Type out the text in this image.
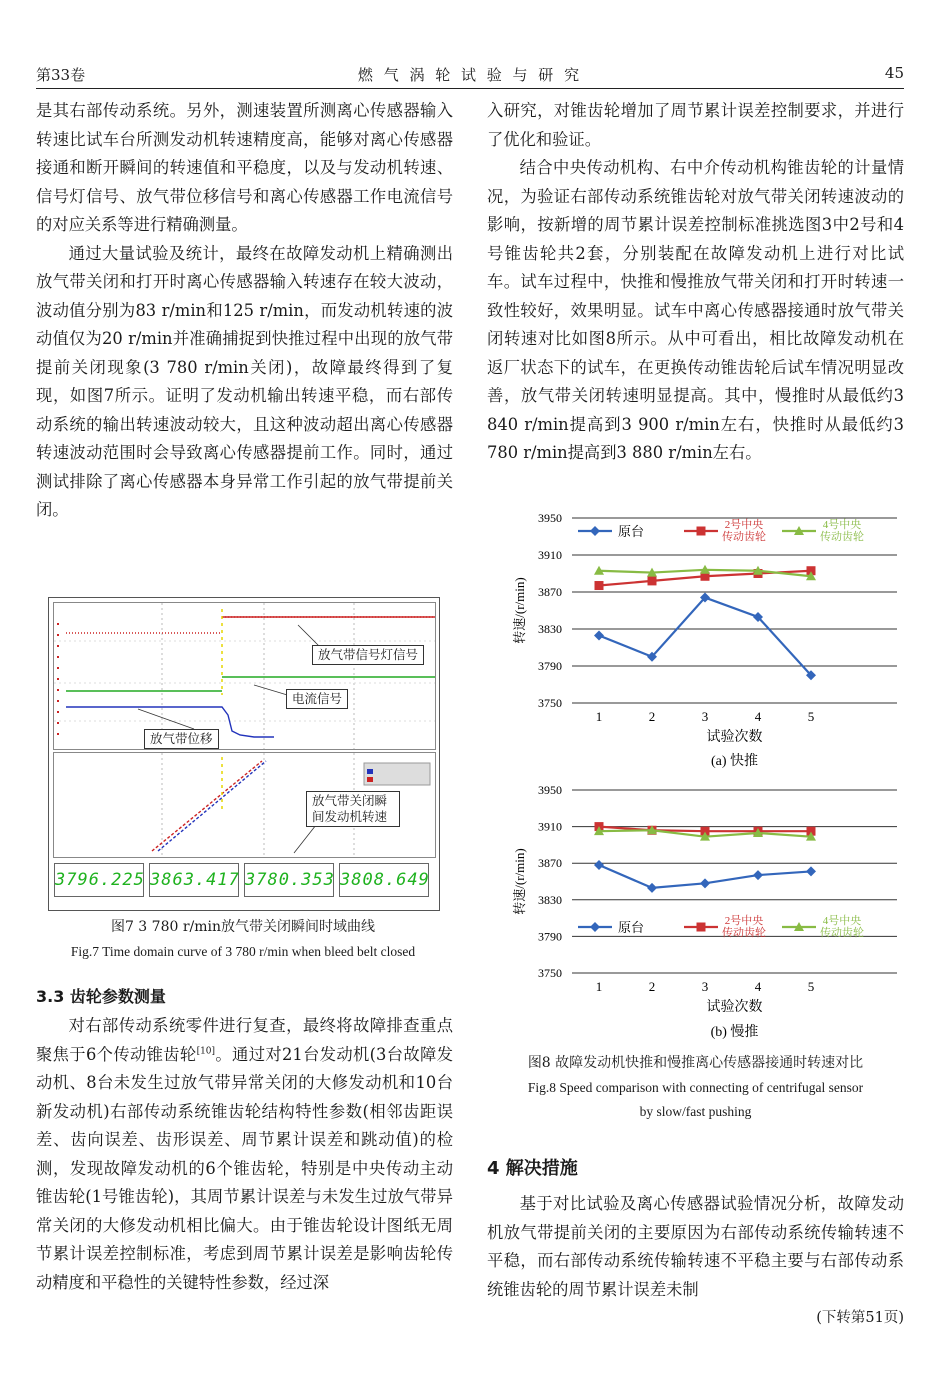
第33卷	燃 气 涡 轮 试 验 与 研 究	45

是其右部传动系统。另外，测速装置所测离心传感器输入转速比试车台所测发动机转速精度高，能够对离心传感器接通和断开瞬间的转速值和平稳度，以及与发动机转速、信号灯信号、放气带位移信号和离心传感器工作电流信号的对应关系等进行精确测量。

通过大量试验及统计，最终在故障发动机上精确测出放气带关闭和打开时离心传感器输入转速存在较大波动，波动值分别为83 r/min和125 r/min，而发动机转速的波动值仅为20 r/min并准确捕捉到快推过程中出现的放气带提前关闭现象(3 780 r/min关闭)，故障最终得到了复现，如图7所示。证明了发动机输出转速平稳，而右部传动系统的输出转速波动较大，且这种波动超出离心传感器转速波动范围时会导致离心传感器提前工作。同时，通过测试排除了离心传感器本身异常工作引起的放气带提前关闭。

放气带信号灯信号
电流信号
放气带位移
放气带关闭瞬间发动机转速
3796.225 3863.417 3780.353 3808.649
图7 3 780 r/min放气带关闭瞬间时域曲线
Fig.7 Time domain curve of 3 780 r/min when bleed belt closed
3.3 齿轮参数测量

对右部传动系统零件进行复查，最终将故障排查重点聚焦于6个传动锥齿轮[10]。通过对21台发动机(3台故障发动机、8台未发生过放气带异常关闭的大修发动机和10台新发动机)右部传动系统锥齿轮结构特性参数(相邻齿距误差、齿向误差、齿形误差、周节累计误差和跳动值)的检测，发现故障发动机的6个锥齿轮，特别是中央传动主动锥齿轮(1号锥齿轮)，其周节累计误差与未发生过放气带异常关闭的大修发动机相比偏大。由于锥齿轮设计图纸无周节累计误差控制标准，考虑到周节累计误差是影响齿轮传动精度和平稳性的关键特性参数，经过深

入研究，对锥齿轮增加了周节累计误差控制要求，并进行了优化和验证。

结合中央传动机构、右中介传动机构锥齿轮的计量情况，为验证右部传动系统锥齿轮对放气带关闭转速波动的影响，按新增的周节累计误差控制标准挑选图3中2号和4号锥齿轮共2套，分别装配在故障发动机上进行对比试车。试车过程中，快推和慢推放气带关闭和打开时转速一致性较好，效果明显。试车中离心传感器接通时放气带关闭转速对比如图8所示。从中可看出，相比故障发动机在返厂状态下的试车，在更换传动锥齿轮后试车情况明显改善，放气带关闭转速明显提高。其中，慢推时从最低约3 840 r/min提高到3 900 r/min左右，快推时从最低约3 780 r/min提高到3 880 r/min左右。

3750
3790
3830
3870
3910
3950
1	2	3	4	5
试验次数
转速/(r/min)
(a) 快推
原台	2号中央传动齿轮
4号中央传动齿轮
3750
3790
3830
3870
3910
3950
1	2	3	4	5
试验次数
转速/(r/min)
(b) 慢推
原台	2号中央传动齿轮
4号中央传动齿轮
图8 故障发动机快推和慢推离心传感器接通时转速对比
Fig.8 Speed comparison with connecting of centrifugal sensor
by slow/fast pushing
4 解决措施

基于对比试验及离心传感器试验情况分析，故障发动机放气带提前关闭的主要原因为右部传动系统传输转速不平稳，而右部传动系统传输转速不平稳主要与右部传动系统锥齿轮的周节累计误差未制

(下转第51页)
